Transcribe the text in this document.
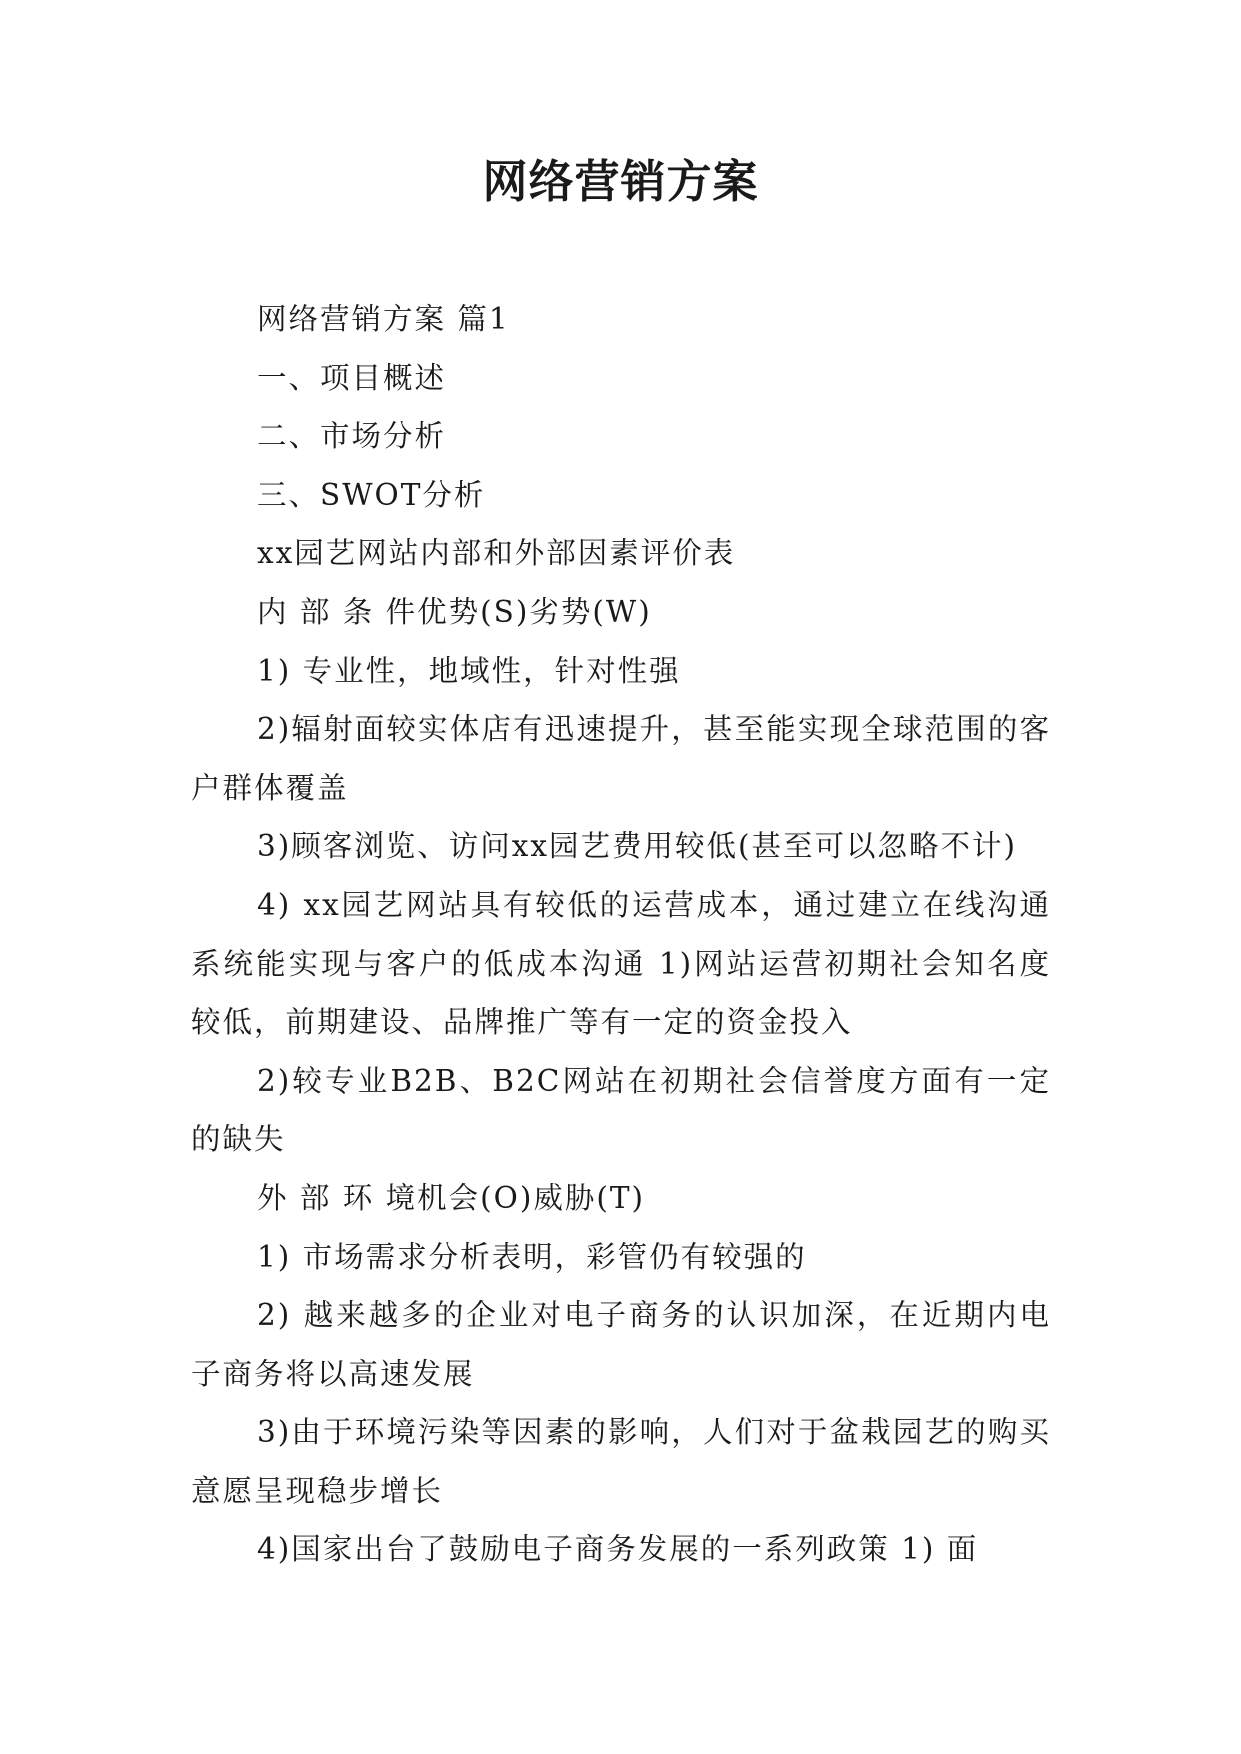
网络营销方案

网络营销方案 篇1

一、项目概述

二、市场分析

三、SWOT分析

xx园艺网站内部和外部因素评价表

内 部 条 件优势(S)劣势(W)

1) 专业性，地域性，针对性强

2)辐射面较实体店有迅速提升，甚至能实现全球范围的客户群体覆盖

3)顾客浏览、访问xx园艺费用较低(甚至可以忽略不计)

4) xx园艺网站具有较低的运营成本，通过建立在线沟通系统能实现与客户的低成本沟通 1)网站运营初期社会知名度较低，前期建设、品牌推广等有一定的资金投入

2)较专业B2B、B2C网站在初期社会信誉度方面有一定的缺失

外 部 环 境机会(O)威胁(T)

1) 市场需求分析表明，彩管仍有较强的

2) 越来越多的企业对电子商务的认识加深，在近期内电子商务将以高速发展

3)由于环境污染等因素的影响，人们对于盆栽园艺的购买意愿呈现稳步增长

4)国家出台了鼓励电子商务发展的一系列政策 1) 面
